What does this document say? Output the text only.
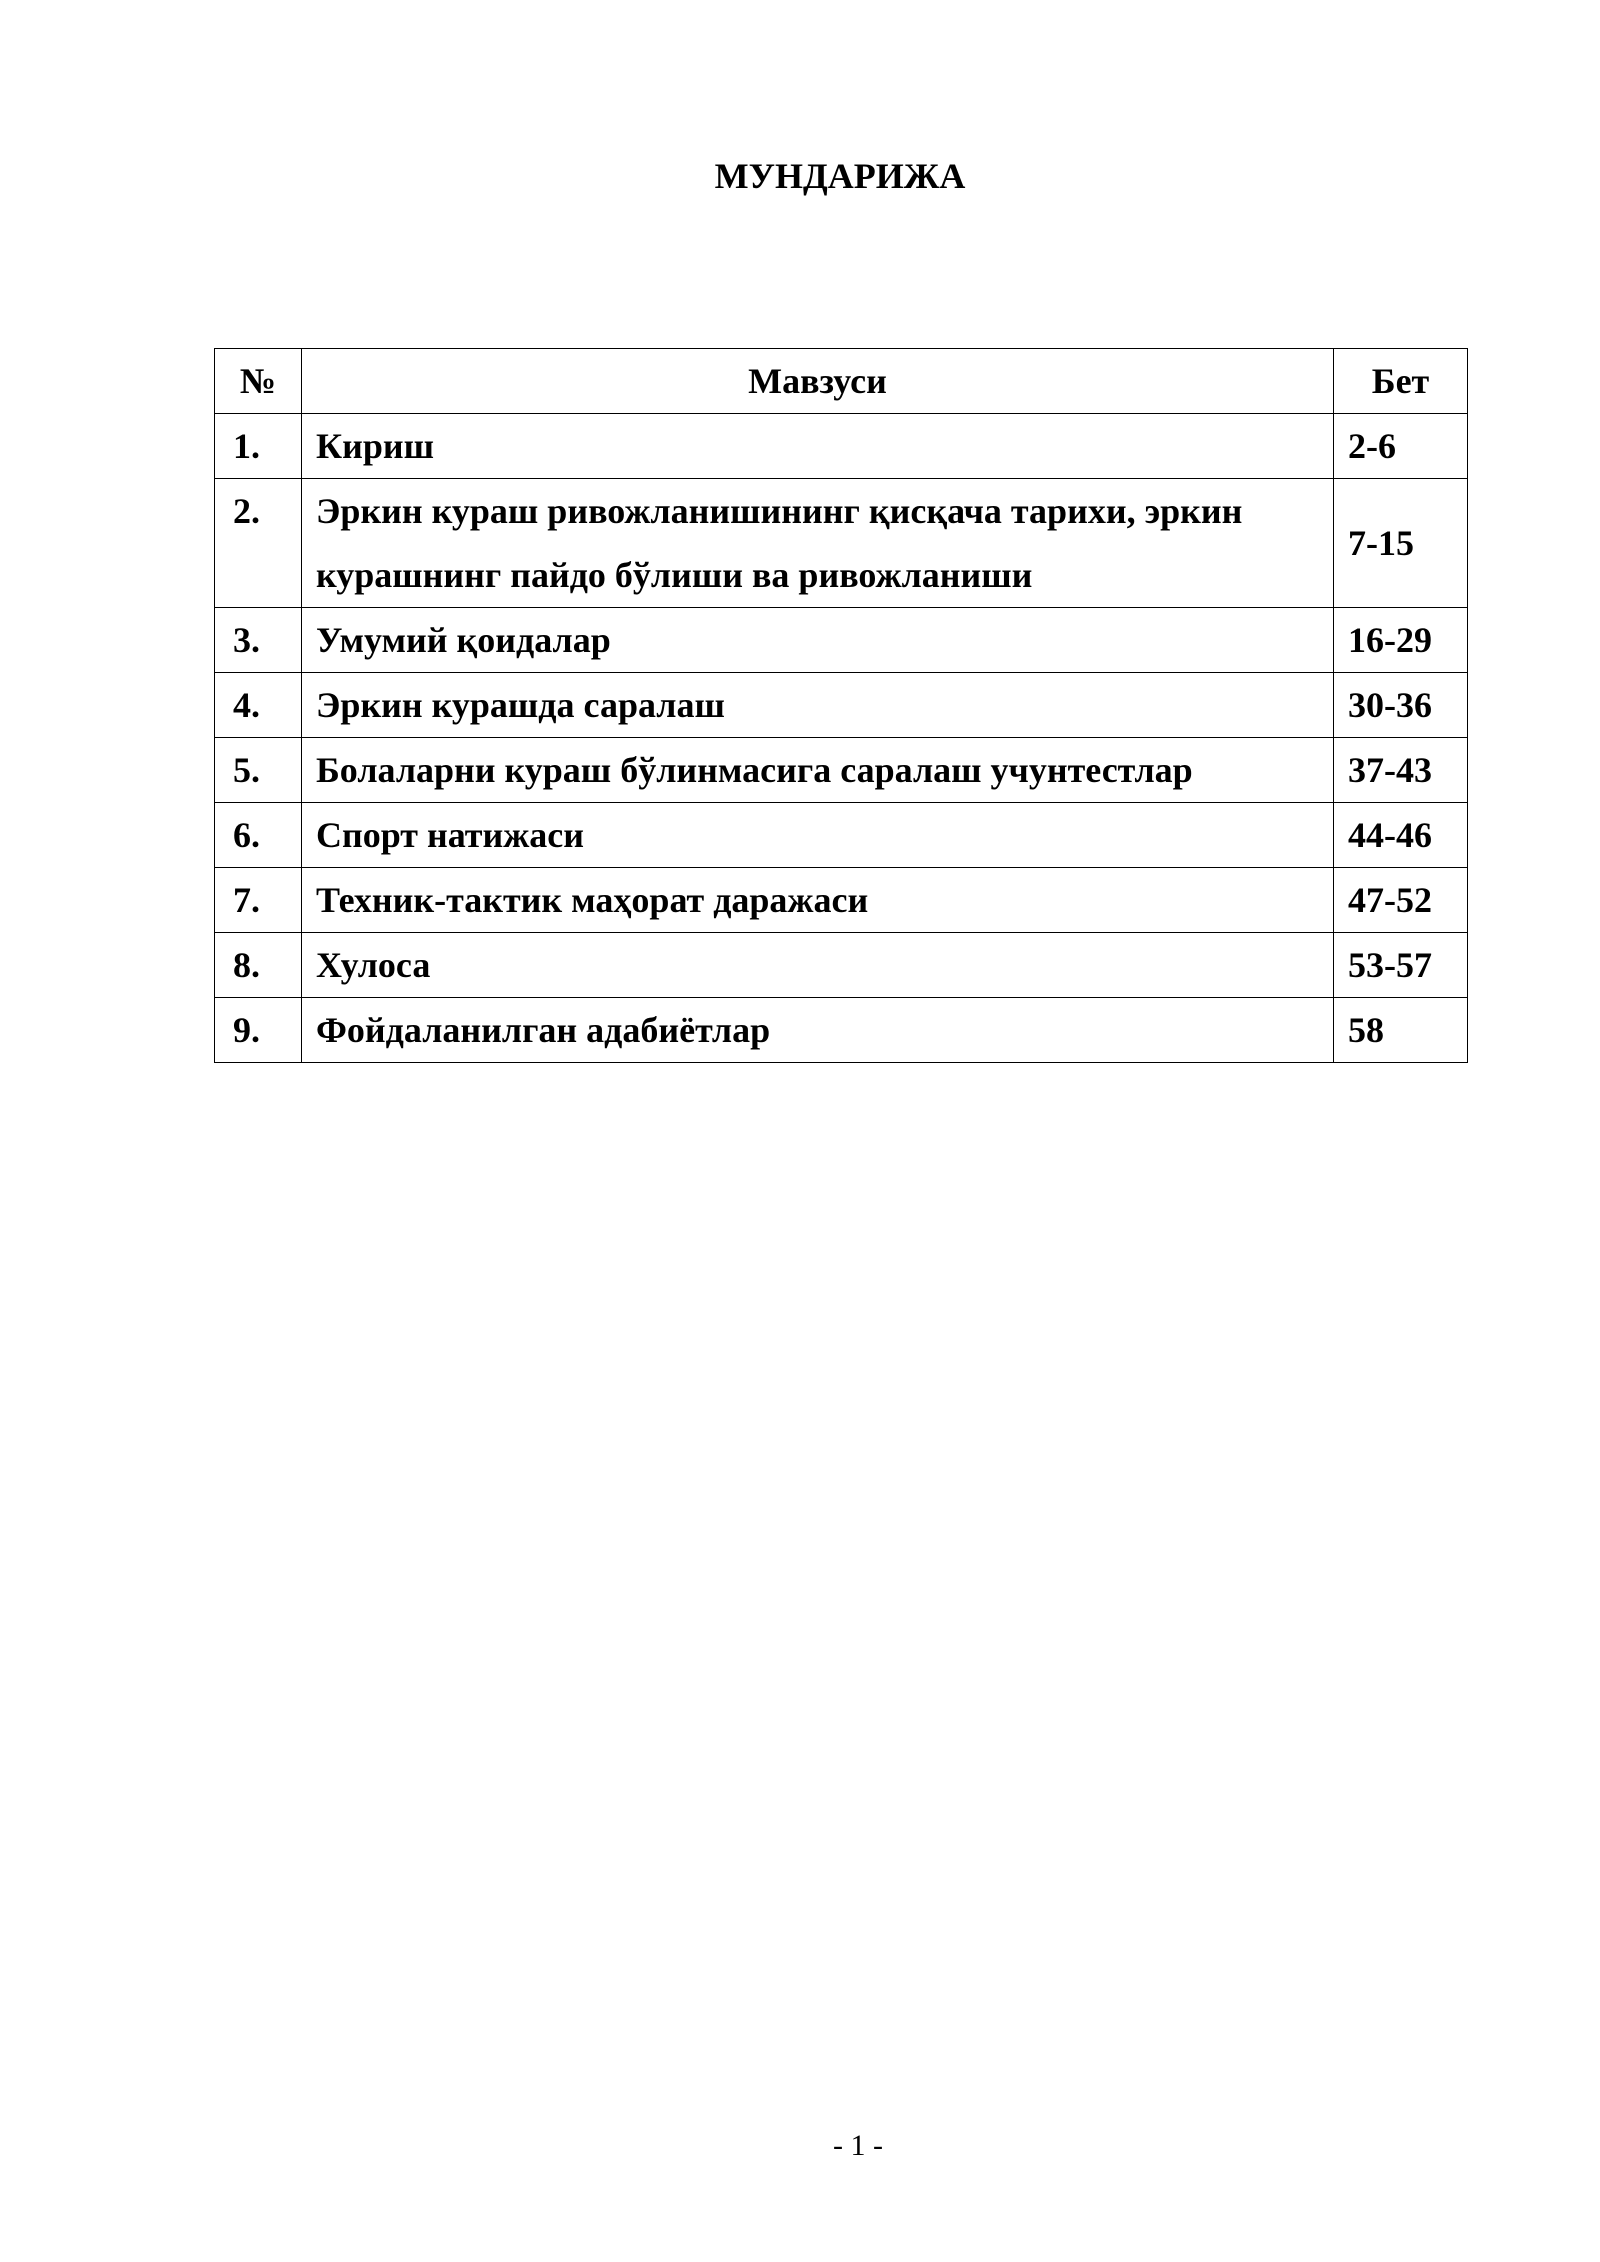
МУНДАРИЖА
№	Мавзуси	Бет
1.	Кириш	2-6
2.	Эркин кураш ривожланишининг қисқача тарихи, эркин курашнинг пайдо бўлиши ва ривожланиши	7-15
3.	Умумий қоидалар	16-29
4.	Эркин курашда саралаш	30-36
5.	Болаларни кураш бўлинмасига саралаш учунтестлар	37-43
6.	Спорт натижаси	44-46
7.	Техник-тактик маҳорат даражаси	47-52
8.	Хулоса	53-57
9.	Фойдаланилган адабиётлар	58
- 1 -
